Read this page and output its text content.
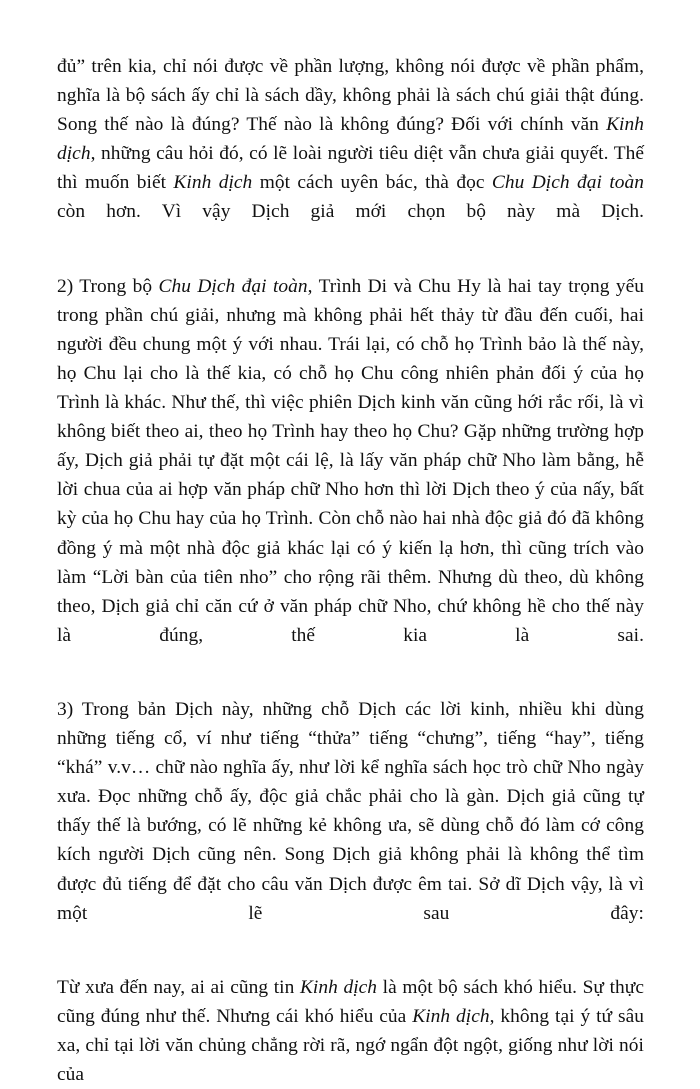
đủ” trên kia, chỉ nói được về phần lượng, không nói được về phần phẩm, nghĩa là bộ sách ấy chỉ là sách dầy, không phải là sách chú giải thật đúng. Song thế nào là đúng? Thế nào là không đúng? Đối với chính văn Kinh dịch, những câu hỏi đó, có lẽ loài người tiêu diệt vẫn chưa giải quyết. Thế thì muốn biết Kinh dịch một cách uyên bác, thà đọc Chu Dịch đại toàn còn hơn. Vì vậy Dịch giả mới chọn bộ này mà Dịch.

2) Trong bộ Chu Dịch đại toàn, Trình Di và Chu Hy là hai tay trọng yếu trong phần chú giải, nhưng mà không phải hết thảy từ đầu đến cuối, hai người đều chung một ý với nhau. Trái lại, có chỗ họ Trình bảo là thế này, họ Chu lại cho là thế kia, có chỗ họ Chu công nhiên phản đối ý của họ Trình là khác. Như thế, thì việc phiên Dịch kinh văn cũng hới rắc rối, là vì không biết theo ai, theo họ Trình hay theo họ Chu? Gặp những trường hợp ấy, Dịch giả phải tự đặt một cái lệ, là lấy văn pháp chữ Nho làm bằng, hễ lời chua của ai hợp văn pháp chữ Nho hơn thì lời Dịch theo ý của nấy, bất kỳ của họ Chu hay của họ Trình. Còn chỗ nào hai nhà độc giả đó đã không đồng ý mà một nhà độc giả khác lại có ý kiến lạ hơn, thì cũng trích vào làm “Lời bàn của tiên nho” cho rộng rãi thêm. Nhưng dù theo, dù không theo, Dịch giả chỉ căn cứ ở văn pháp chữ Nho, chứ không hề cho thế này là đúng, thế kia là sai.

3) Trong bản Dịch này, những chỗ Dịch các lời kinh, nhiều khi dùng những tiếng cổ, ví như tiếng “thửa” tiếng “chưng”, tiếng “hay”, tiếng “khá” v.v… chữ nào nghĩa ấy, như lời kể nghĩa sách học trò chữ Nho ngày xưa. Đọc những chỗ ấy, độc giả chắc phải cho là gàn. Dịch giả cũng tự thấy thế là bướng, có lẽ những kẻ không ưa, sẽ dùng chỗ đó làm cớ công kích người Dịch cũng nên. Song Dịch giả không phải là không thể tìm được đủ tiếng để đặt cho câu văn Dịch được êm tai. Sở dĩ Dịch vậy, là vì một lẽ sau đây:

Từ xưa đến nay, ai ai cũng tin Kinh dịch là một bộ sách khó hiểu. Sự thực cũng đúng như thế. Nhưng cái khó hiểu của Kinh dịch, không tại ý tứ sâu xa, chỉ tại lời văn chủng chẳng rời rã, ngớ ngẩn đột ngột, giống như lời nói của
